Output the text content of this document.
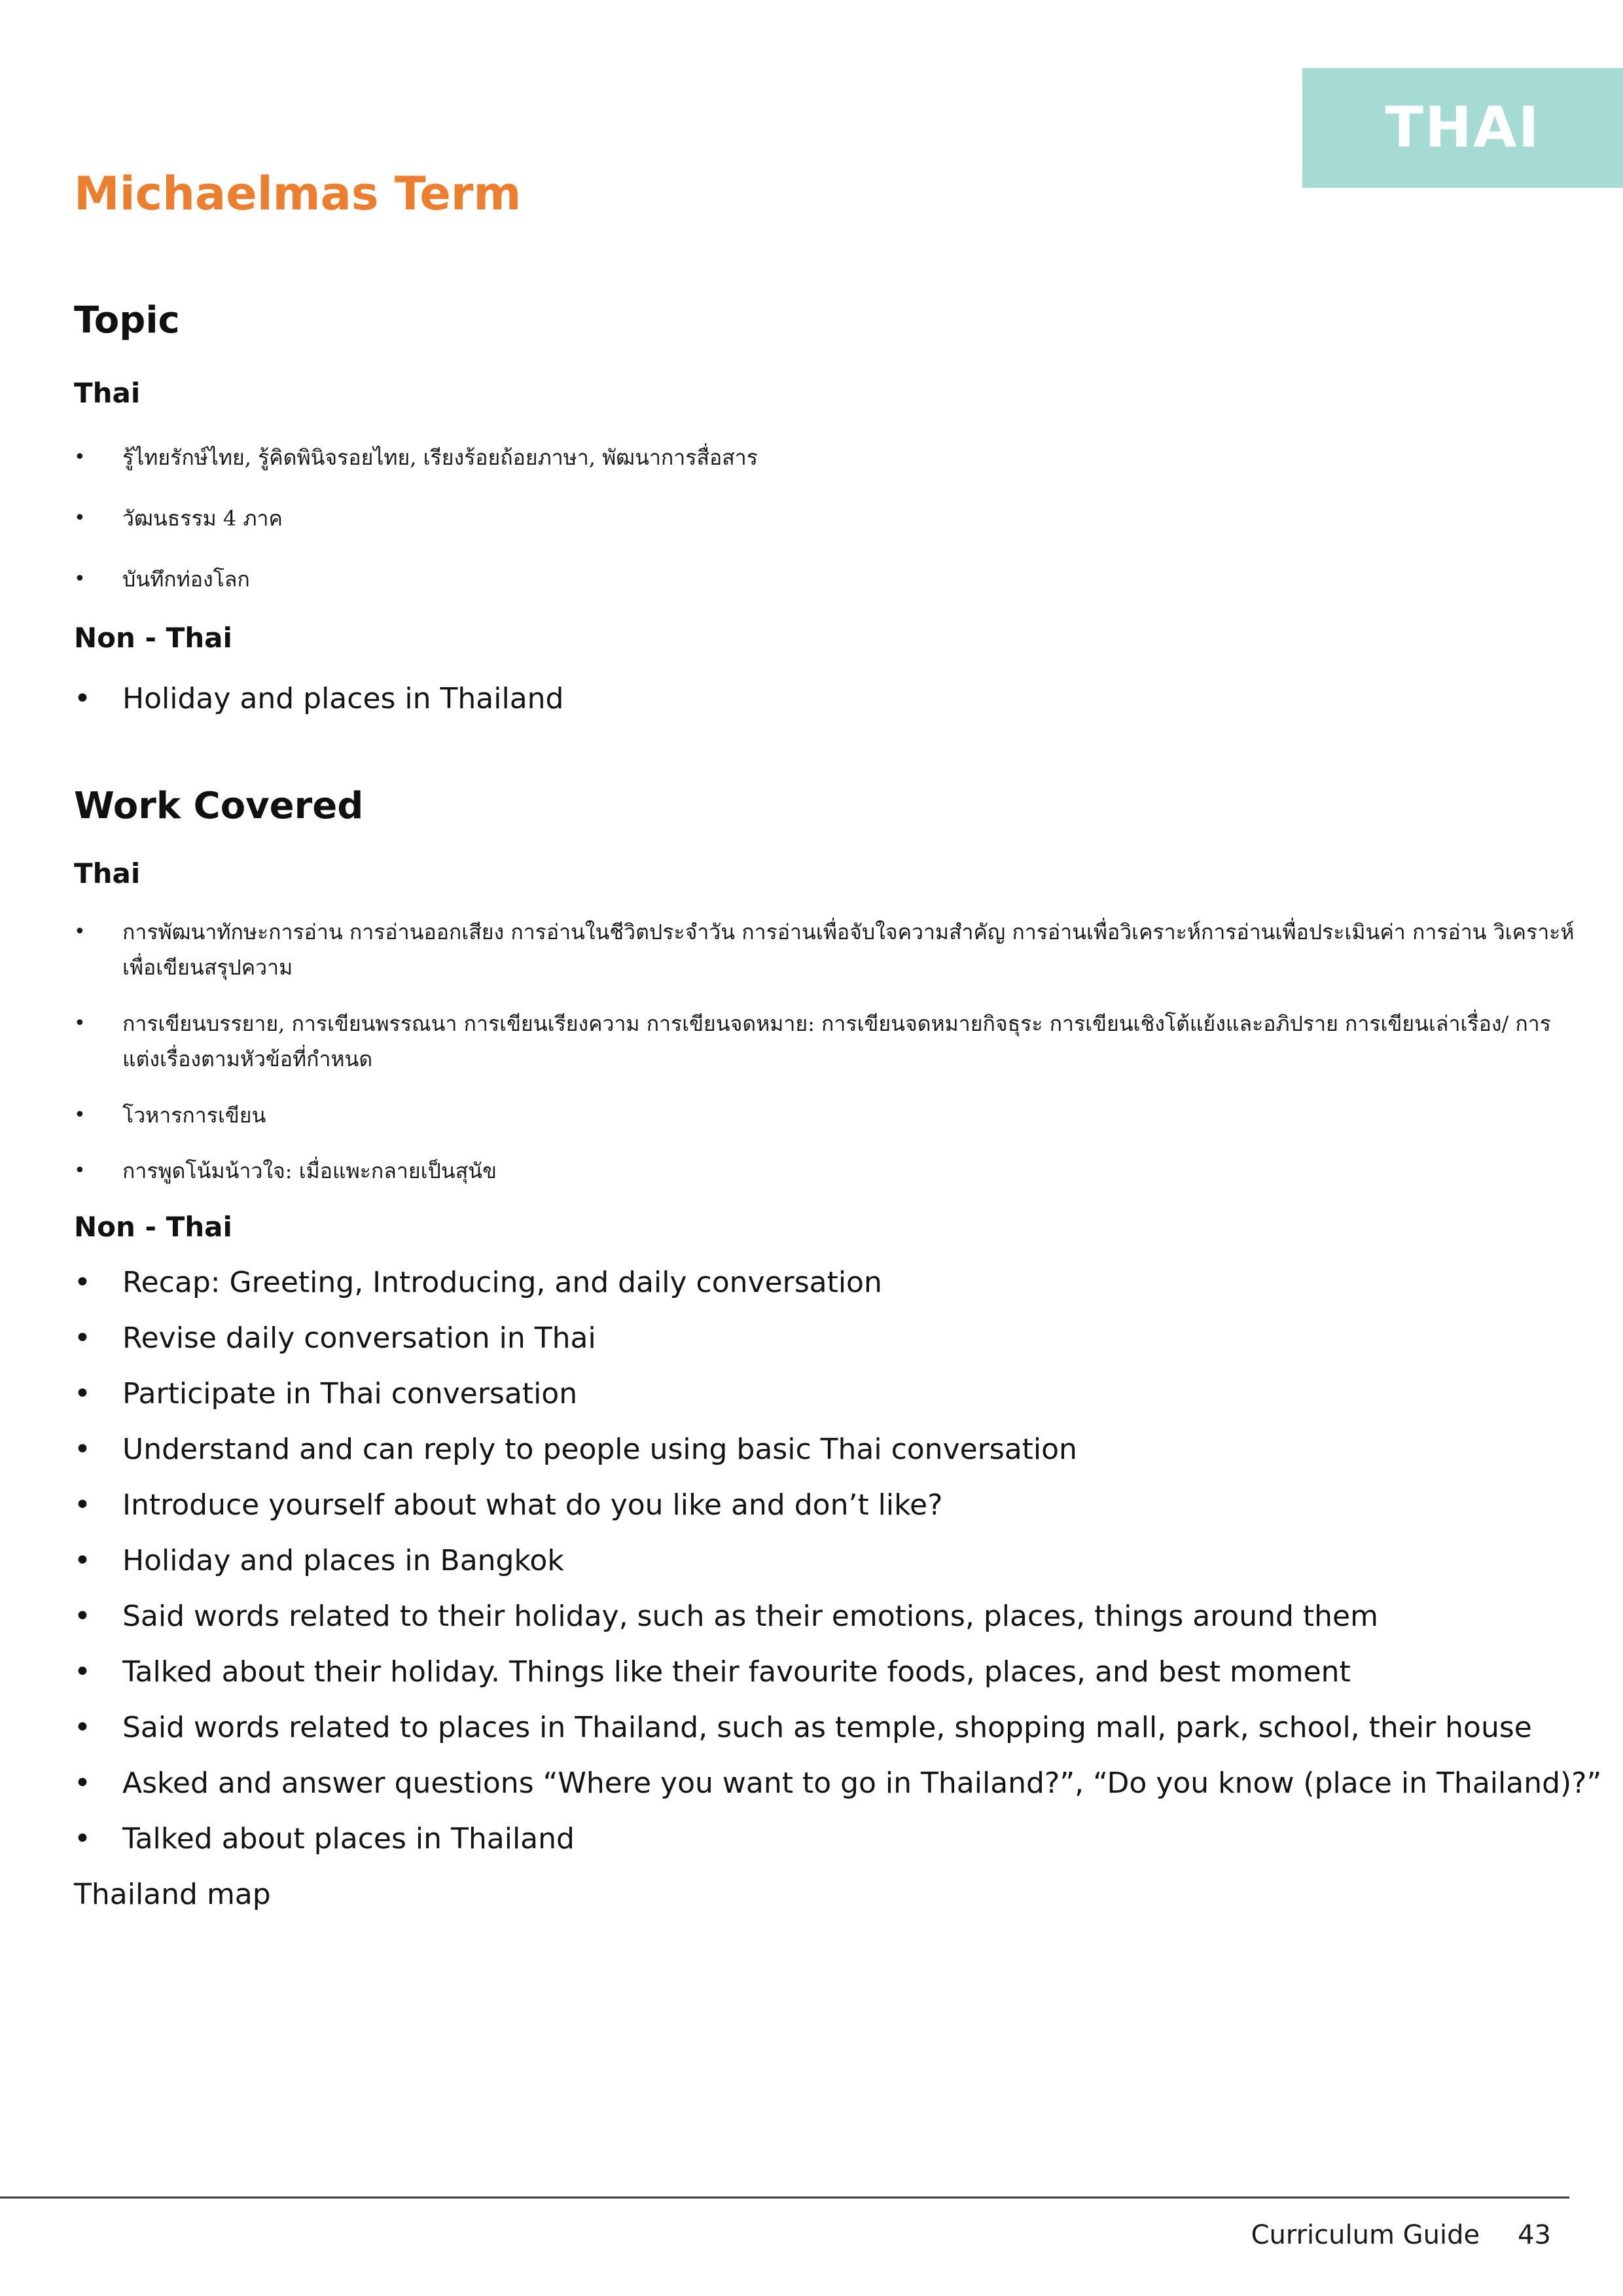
THAI
Michaelmas Term
Topic
Thai
• รู้ไทยรักษ์ไทย, รู้คิดพินิจรอยไทย, เรียงร้อยถ้อยภาษา, พัฒนาการสื่อสาร
• วัฒนธรรม 4 ภาค
• บันทึกท่องโลก
Non - Thai
• Holiday and places in Thailand
Work Covered
Thai
• การพัฒนาทักษะการอ่าน การอ่านออกเสียง การอ่านในชีวิตประจำวัน การอ่านเพื่อจับใจความสำคัญ การอ่านเพื่อวิเคราะห์การอ่านเพื่อประเมินค่า การอ่าน วิเคราะห์เพื่อเขียนสรุปความ
• การเขียนบรรยาย, การเขียนพรรณนา การเขียนเรียงความ การเขียนจดหมาย: การเขียนจดหมายกิจธุระ การเขียนเชิงโต้แย้งและอภิปราย การเขียนเล่าเรื่อง/ การแต่งเรื่องตามหัวข้อที่กำหนด
• โวหารการเขียน
• การพูดโน้มน้าวใจ: เมื่อแพะกลายเป็นสุนัข
Non - Thai
• Recap: Greeting, Introducing, and daily conversation
• Revise daily conversation in Thai
• Participate in Thai conversation
• Understand and can reply to people using basic Thai conversation
• Introduce yourself about what do you like and don’t like?
• Holiday and places in Bangkok
• Said words related to their holiday, such as their emotions, places, things around them
• Talked about their holiday. Things like their favourite foods, places, and best moment
• Said words related to places in Thailand, such as temple, shopping mall, park, school, their house
• Asked and answer questions “Where you want to go in Thailand?”, “Do you know (place in Thailand)?”
• Talked about places in Thailand

Thailand map

Curriculum Guide 43
